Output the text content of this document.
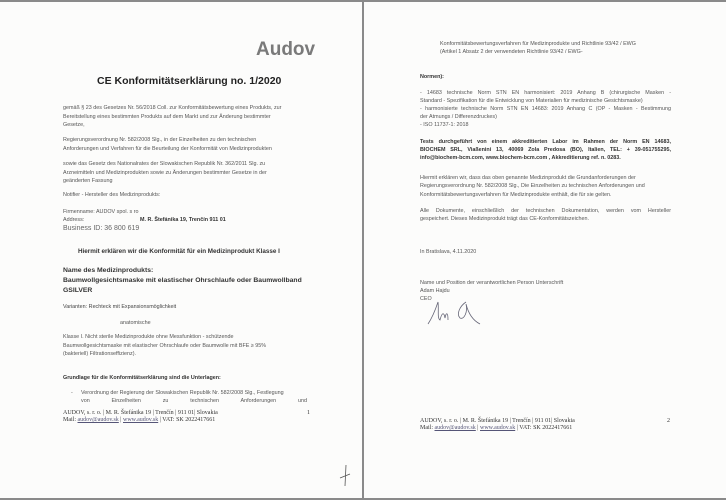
Audov
CE Konformitätserklärung no. 1/2020
gemäß § 23 des Gesetzes Nr. 56/2018 Coll. zur Konformitätsbewertung eines Produkts, zur
Bereitstellung eines bestimmten Produkts auf dem Markt und zur Änderung bestimmter
Gesetze,
Regierungsverordnung Nr. 582/2008 Slg., in der Einzelheiten zu den technischen
Anforderungen und Verfahren für die Beurteilung der Konformität von Medizinprodukten
sowie das Gesetz des Nationalrates der Slowakischen Republik Nr. 362/2011 Slg. zu
Arzneimitteln und Medizinprodukten sowie zu Änderungen bestimmter Gesetze in der
geänderten Fassung
Notifier - Hersteller des Medizinprodukts:
Firmenname: AUDOV spol. s ro
Address:	M. R. Štefánika 19, Trenčín 911 01
Business ID: 36 800 619
Hiermit erklären wir die Konformität für ein Medizinprodukt Klasse I
Name des Medizinprodukts:
Baumwollgesichtsmaske mit elastischer Ohrschlaufe oder Baumwollband
GSILVER
Varianten: Rechteck mit Expansionsmöglichkeit
anatomische
Klasse I. Nicht sterile Medizinprodukte ohne Messfunktion - schützende
Baumwollgesichtsmaske mit elastischer Ohrschlaufe oder Baumwolle mit BFE ≥ 95%
(bakteriell) Filtrationseffizienz).
Grundlage für die Konformitätserklärung sind die Unterlagen:
- Verordnung der Regierung der Slowakischen Republik Nr. 582/2008 Slg., Festlegung
von Einzelheiten zu technischen Anforderungen und
AUDOV, s. r. o. | M. R. Štefánika 19 | Trenčín | 911 01| Slovakia	1
Mail: audov@audov.sk | www.audov.sk | VAT: SK 2022417661
Konformitätsbewertungsverfahren für Medizinprodukte und Richtlinie 93/42 / EWG
(Artikel 1 Absatz 2 der verwendeten Richtlinie 93/42 / EWG-
Normen):
- 14683 technische Norm STN EN harmonisiert: 2019 Anhang B (chirurgische Masken -
Standard - Spezifikation für die Entwicklung von Materialien für medizinische Gesichtsmaske)
- harmonisierte technische Norm STN EN 14683: 2019 Anhang C (OP - Masken - Bestimmung
der Atmungs / Differenzdruckes)
- ISO 11737-1: 2018
Tests durchgeführt von einem akkreditierten Labor im Rahmen der Norm EN 14683,
BIOCHEM SRL, Viaßenini 13, 40069 Zola Predosa (BO), Italien, TEL: + 39-051755295,
info@biochem-bcm.com, www.biochem-bcm.com , Akkreditierung ref. n. 0283.
Hiermit erklären wir, dass das oben genannte Medizinprodukt die Grundanforderungen der
Regierungsverordnung Nr. 582/2008 Slg., Die Einzelheiten zu technischen Anforderungen und
Konformitätsbewertungsverfahren für Medizinprodukte enthält, die für sie gelten.
Alle Dokumente, einschließlich der technischen Dokumentation, werden vom Hersteller
gespeichert. Dieses Medizinprodukt trägt das CE-Konformitätszeichen.
In Bratislava, 4.11.2020
Name und Position der verantwortlichen Person Unterschrift
Adam Hajdu
CEO
AUDOV, s. r. o. | M. R. Štefánika 19 | Trenčín | 911 01| Slovakia	2
Mail: audov@audov.sk | www.audov.sk | VAT: SK 2022417661
